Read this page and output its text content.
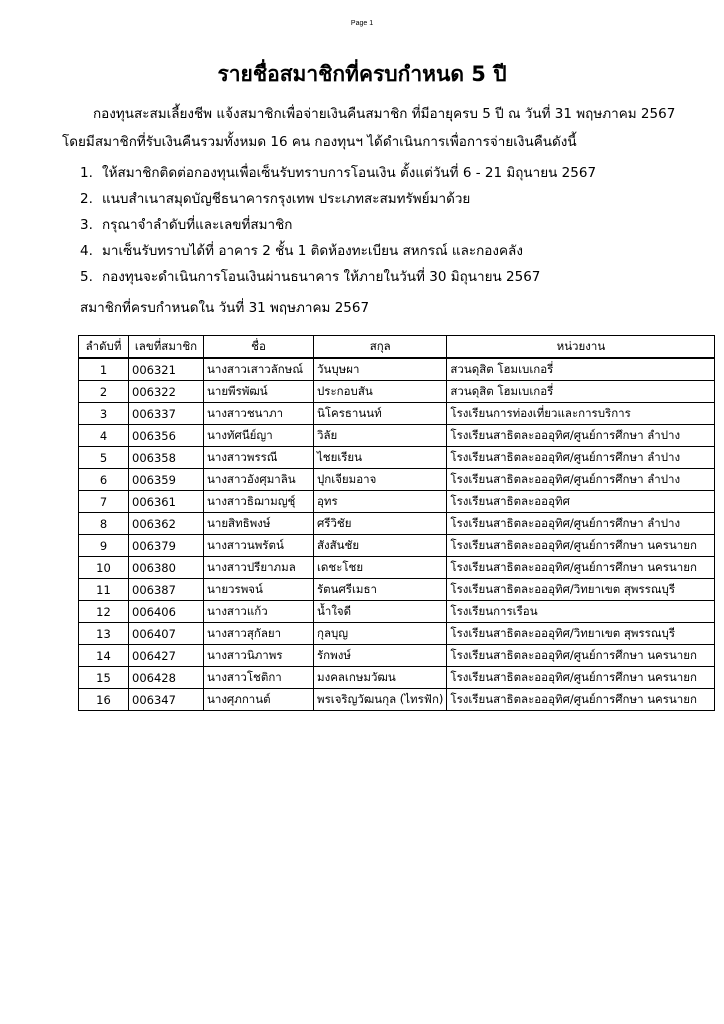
Page 1
รายชื่อสมาชิกที่ครบกำหนด 5 ปี
กองทุนสะสมเลี้ยงชีพ แจ้งสมาชิกเพื่อจ่ายเงินคืนสมาชิก ที่มีอายุครบ 5 ปี ณ วันที่ 31 พฤษภาคม 2567
โดยมีสมาชิกที่รับเงินคืนรวมทั้งหมด 16 คน กองทุนฯ ได้ดำเนินการเพื่อการจ่ายเงินคืนดังนี้
1. ให้สมาชิกติดต่อกองทุนเพื่อเซ็นรับทราบการโอนเงิน ตั้งแต่วันที่ 6 - 21 มิถุนายน 2567
2. แนบสำเนาสมุดบัญชีธนาคารกรุงเทพ ประเภทสะสมทรัพย์มาด้วย
3. กรุณาจำลำดับที่และเลขที่สมาชิก
4. มาเซ็นรับทราบได้ที่ อาคาร 2 ชั้น 1 ติดห้องทะเบียน สหกรณ์ และกองคลัง
5. กองทุนจะดำเนินการโอนเงินผ่านธนาคาร ให้ภายในวันที่ 30 มิถุนายน 2567
สมาชิกที่ครบกำหนดใน วันที่ 31 พฤษภาคม 2567
ลำดับที่	เลขที่สมาชิก	ชื่อ	สกุล	หน่วยงาน
1	006321	นางสาวเสาวลักษณ์	วันบุษผา	สวนดุสิต โฮมเบเกอรี่
2	006322	นายพีรพัฒน์	ประกอบสัน	สวนดุสิต โฮมเบเกอรี่
3	006337	นางสาวชนาภา	นิโครธานนท์	โรงเรียนการท่องเที่ยวและการบริการ
4	006356	นางทัศนีย์ญา	วิลัย	โรงเรียนสาธิตละอออุทิศ/ศูนย์การศึกษา ลำปาง
5	006358	นางสาวพรรณี	ไชยเรียน	โรงเรียนสาธิตละอออุทิศ/ศูนย์การศึกษา ลำปาง
6	006359	นางสาวอังศุมาลิน	ปุกเจียมอาจ	โรงเรียนสาธิตละอออุทิศ/ศูนย์การศึกษา ลำปาง
7	006361	นางสาวธิฌามญชุ์	อุทร	โรงเรียนสาธิตละอออุทิศ
8	006362	นายสิทธิพงษ์	ศรีวิชัย	โรงเรียนสาธิตละอออุทิศ/ศูนย์การศึกษา ลำปาง
9	006379	นางสาวนพรัตน์	สังสันชัย	โรงเรียนสาธิตละอออุทิศ/ศูนย์การศึกษา นครนายก
10	006380	นางสาวปรียาภมล	เดชะโชย	โรงเรียนสาธิตละอออุทิศ/ศูนย์การศึกษา นครนายก
11	006387	นายวรพจน์	รัตนศรีเมธา	โรงเรียนสาธิตละอออุทิศ/วิทยาเขต สุพรรณบุรี
12	006406	นางสาวแก้ว	น้ำใจดี	โรงเรียนการเรือน
13	006407	นางสาวสุกัลยา	กุลบุญ	โรงเรียนสาธิตละอออุทิศ/วิทยาเขต สุพรรณบุรี
14	006427	นางสาวนิภาพร	รักพงษ์	โรงเรียนสาธิตละอออุทิศ/ศูนย์การศึกษา นครนายก
15	006428	นางสาวโชติกา	มงคลเกษมวัฒน	โรงเรียนสาธิตละอออุทิศ/ศูนย์การศึกษา นครนายก
16	006347	นางศุภกานต์	พรเจริญวัฒนกุล (ไทรฟัก)	โรงเรียนสาธิตละอออุทิศ/ศูนย์การศึกษา นครนายก
